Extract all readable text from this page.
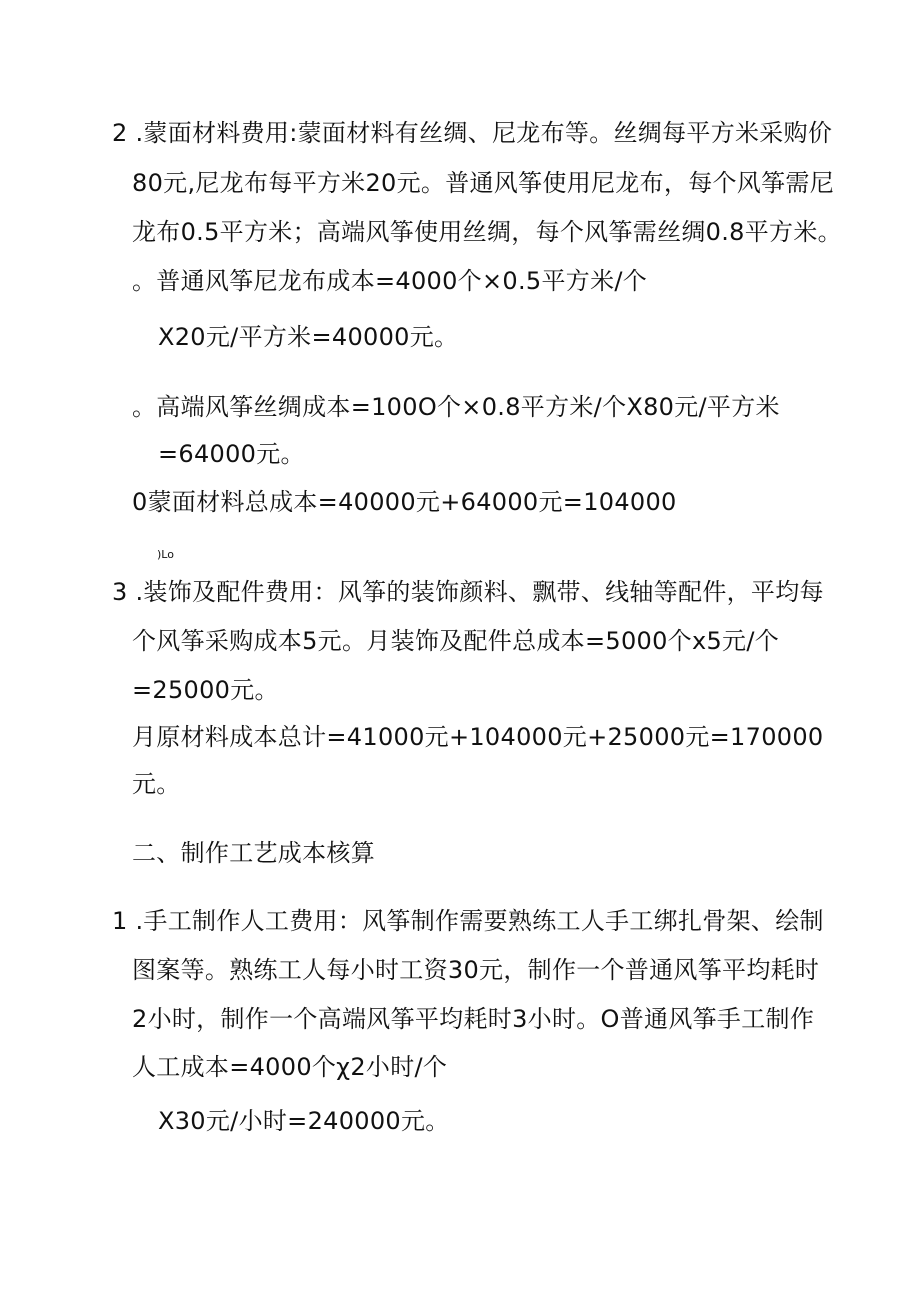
2 .蒙面材料费用:蒙面材料有丝绸、尼龙布等。丝绸每平方米采购价
80元,尼龙布每平方米20元。普通风筝使用尼龙布，每个风筝需尼
龙布0.5平方米；高端风筝使用丝绸，每个风筝需丝绸0.8平方米。
。普通风筝尼龙布成本=4000个×0.5平方米/个
X20元/平方米=40000元。
。高端风筝丝绸成本=100O个×0.8平方米/个X80元/平方米
=64000元。
0蒙面材料总成本=40000元+64000元=104000
)Lo
3 .装饰及配件费用：风筝的装饰颜料、飘带、线轴等配件，平均每
个风筝采购成本5元。月装饰及配件总成本=5000个x5元/个
=25000元。
月原材料成本总计=41000元+104000元+25000元=170000
元。
二、制作工艺成本核算
1 .手工制作人工费用：风筝制作需要熟练工人手工绑扎骨架、绘制
图案等。熟练工人每小时工资30元，制作一个普通风筝平均耗时
2小时，制作一个高端风筝平均耗时3小时。O普通风筝手工制作
人工成本=4000个χ2小时/个
X30元/小时=240000元。
